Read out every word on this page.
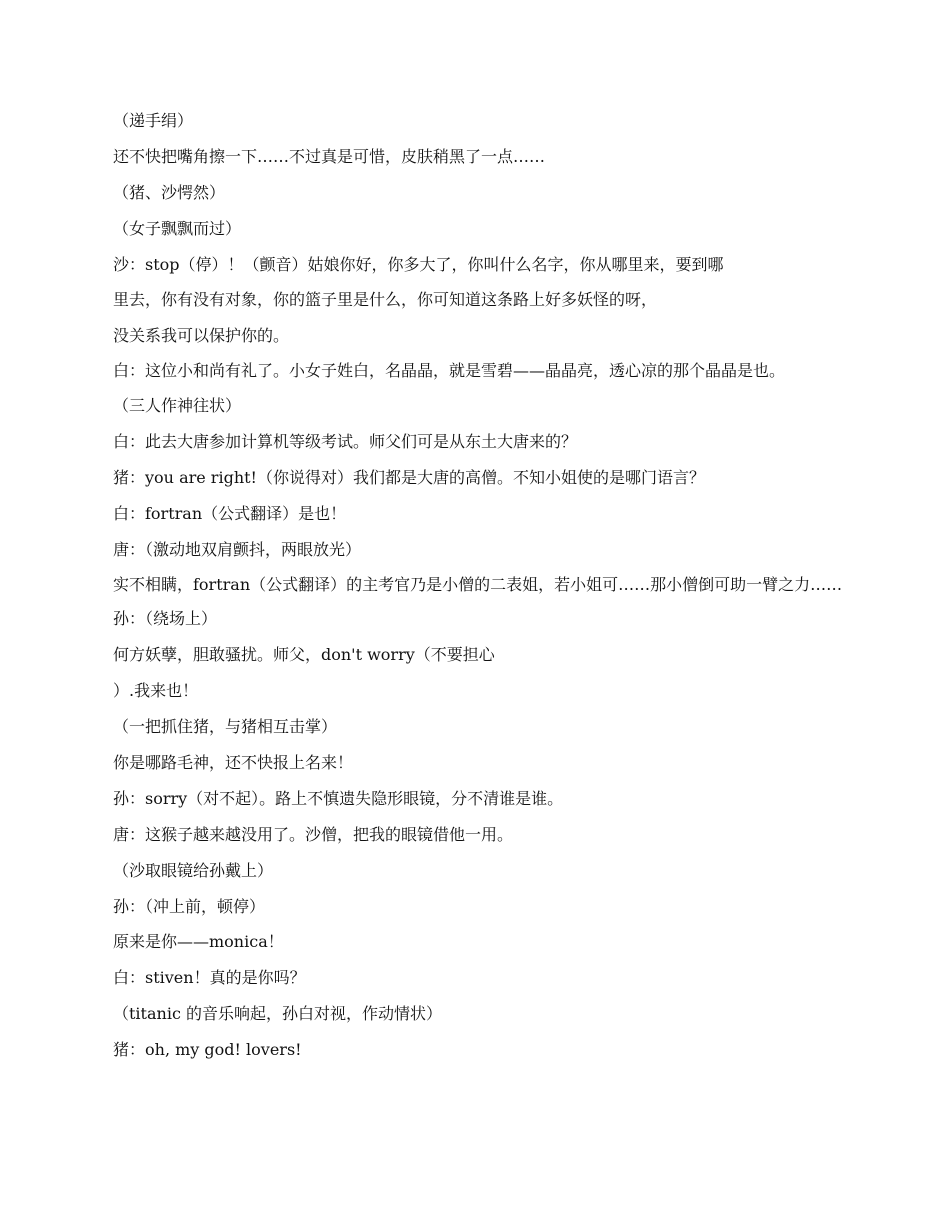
（递手绢）

还不快把嘴角擦一下……不过真是可惜，皮肤稍黑了一点……

（猪、沙愕然）

（女子飘飘而过）

沙：stop（停）！（颤音）姑娘你好，你多大了，你叫什么名字，你从哪里来，要到哪

里去，你有没有对象，你的篮子里是什么，你可知道这条路上好多妖怪的呀，

没关系我可以保护你的。

白：这位小和尚有礼了。小女子姓白，名晶晶，就是雪碧——晶晶亮，透心凉的那个晶晶是也。

（三人作神往状）

白：此去大唐参加计算机等级考试。师父们可是从东土大唐来的？

猪：you are right!（你说得对）我们都是大唐的高僧。不知小姐使的是哪门语言？

白：fortran（公式翻译）是也！

唐：（激动地双肩颤抖，两眼放光）

实不相瞒，fortran（公式翻译）的主考官乃是小僧的二表姐，若小姐可……那小僧倒可助一臂之力……

孙：（绕场上）

何方妖孽，胆敢骚扰。师父，don't worry（不要担心

）.我来也！

（一把抓住猪，与猪相互击掌）

你是哪路毛神，还不快报上名来！

孙：sorry（对不起）。路上不慎遗失隐形眼镜，分不清谁是谁。

唐：这猴子越来越没用了。沙僧，把我的眼镜借他一用。

（沙取眼镜给孙戴上）

孙：（冲上前，顿停）

原来是你——monica！

白：stiven！真的是你吗？

（titanic 的音乐响起，孙白对视，作动情状）

猪：oh, my god! lovers!
